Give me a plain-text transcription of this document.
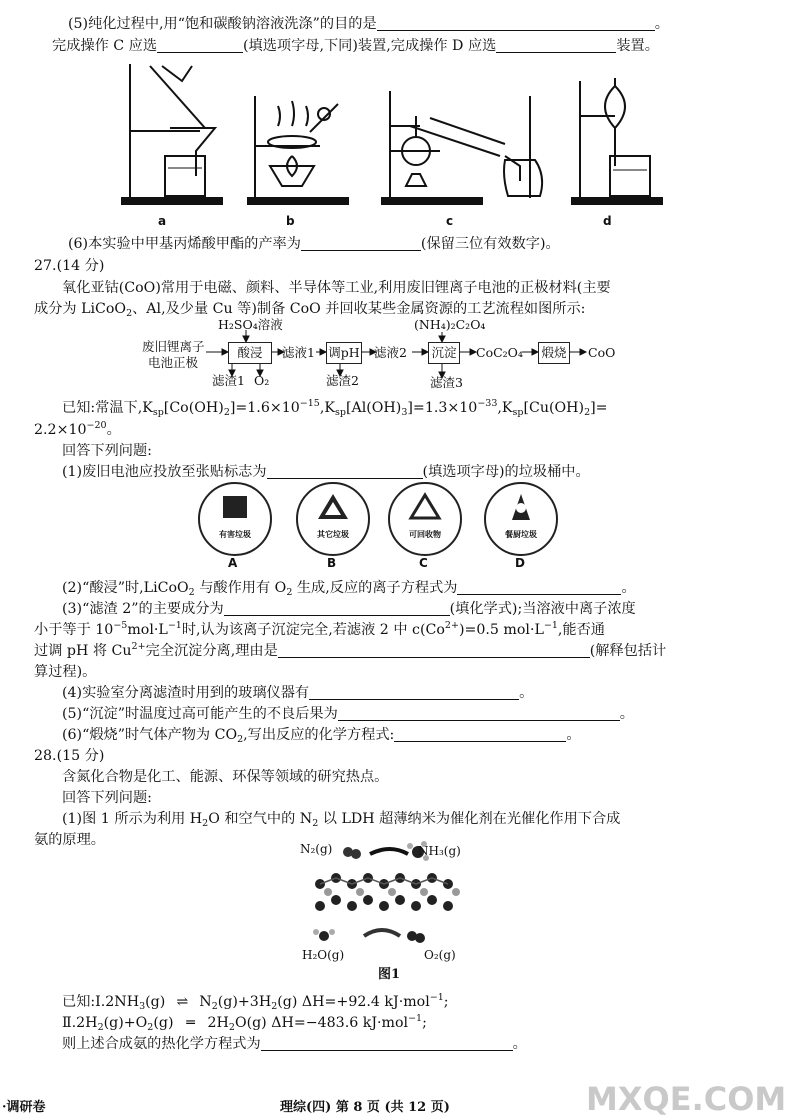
(5)纯化过程中,用“饱和碳酸钠溶液洗涤”的目的是	。
完成操作 C 应选	(填选项字母,下同)装置,完成操作 D 应选	装置。
a	b	c	d
(6)本实验中甲基丙烯酸甲酯的产率为	(保留三位有效数字)。
27.(14 分)
氧化亚钴(CoO)常用于电磁、颜料、半导体等工业,利用废旧锂离子电池的正极材料(主要
成分为 LiCoO$_2$、Al,及少量 Cu 等)制备 CoO 并回收某些金属资源的工艺流程如图所示:
H₂SO₄溶液	(NH₄)₂C₂O₄
废旧锂离子
电池正极
酸浸	滤液1 调pH 滤液2 沉淀 CoC₂O₄ 煅烧 CoO
滤渣1 O₂	滤渣2	滤渣3
已知:常温下$,K_{sp}[Co(OH)_2]=1.6\times 10^{-15},K_{sp}[Al(OH)_3]=1.3\times 10^{-33},K_{sp}[Cu(OH)_2]=$
$2.2\times 10^{-20}$。
回答下列问题:
(1)废旧电池应投放至张贴标志为	(填选项字母)的垃圾桶中。
有害垃圾	其它垃圾	可回收物	餐厨垃圾
A	B	C	D
(2)“酸浸”时,LiCoO$_2$ 与酸作用有 $O_2$ 生成,反应的离子方程式为	。
(3)“滤渣 2”的主要成分为	(填化学式);当溶液中离子浓度
小于等于 $10^{-5}mol\cdot L^{-1}$时,认为该离子沉淀完全,若滤液 2 中 $c(Co^{2+})=0.5$ $mol\cdot L^{-1}$,能否通
过调 pH 将 $Cu^{2+}$完全沉淀分离,理由是	(解释包括计
算过程)。
(4)实验室分离滤渣时用到的玻璃仪器有	。
(5)“沉淀”时温度过高可能产生的不良后果为	。
(6)“煅烧”时气体产物为 $CO_2$,写出反应的化学方程式:	。
28.(15 分)
含氮化合物是化工、能源、环保等领域的研究热点。
回答下列问题:
(1)图 1 所示为利用 $H_2O$ 和空气中的 $N_2$ 以 LDH 超薄纳米为催化剂在光催化作用下合成
氨的原理。
N₂(g)	NH₃(g)
H₂O(g)	O₂(g)
图1
已知$:Ⅰ.2NH_3(g)$ ⇌ $N_2(g)+3H_2(g)$ ΔH=+92.4 kJ·mol$^{-1}$;
$Ⅱ.2H_2(g)+O_2(g)$ ═ $2H_2O(g)$ ΔH=−483.6 kJ·mol$^{-1}$;
则上述合成氨的热化学方程式为	。
·调研卷	理综(四) 第 8 页 (共 12 页)	MXQE.COM
